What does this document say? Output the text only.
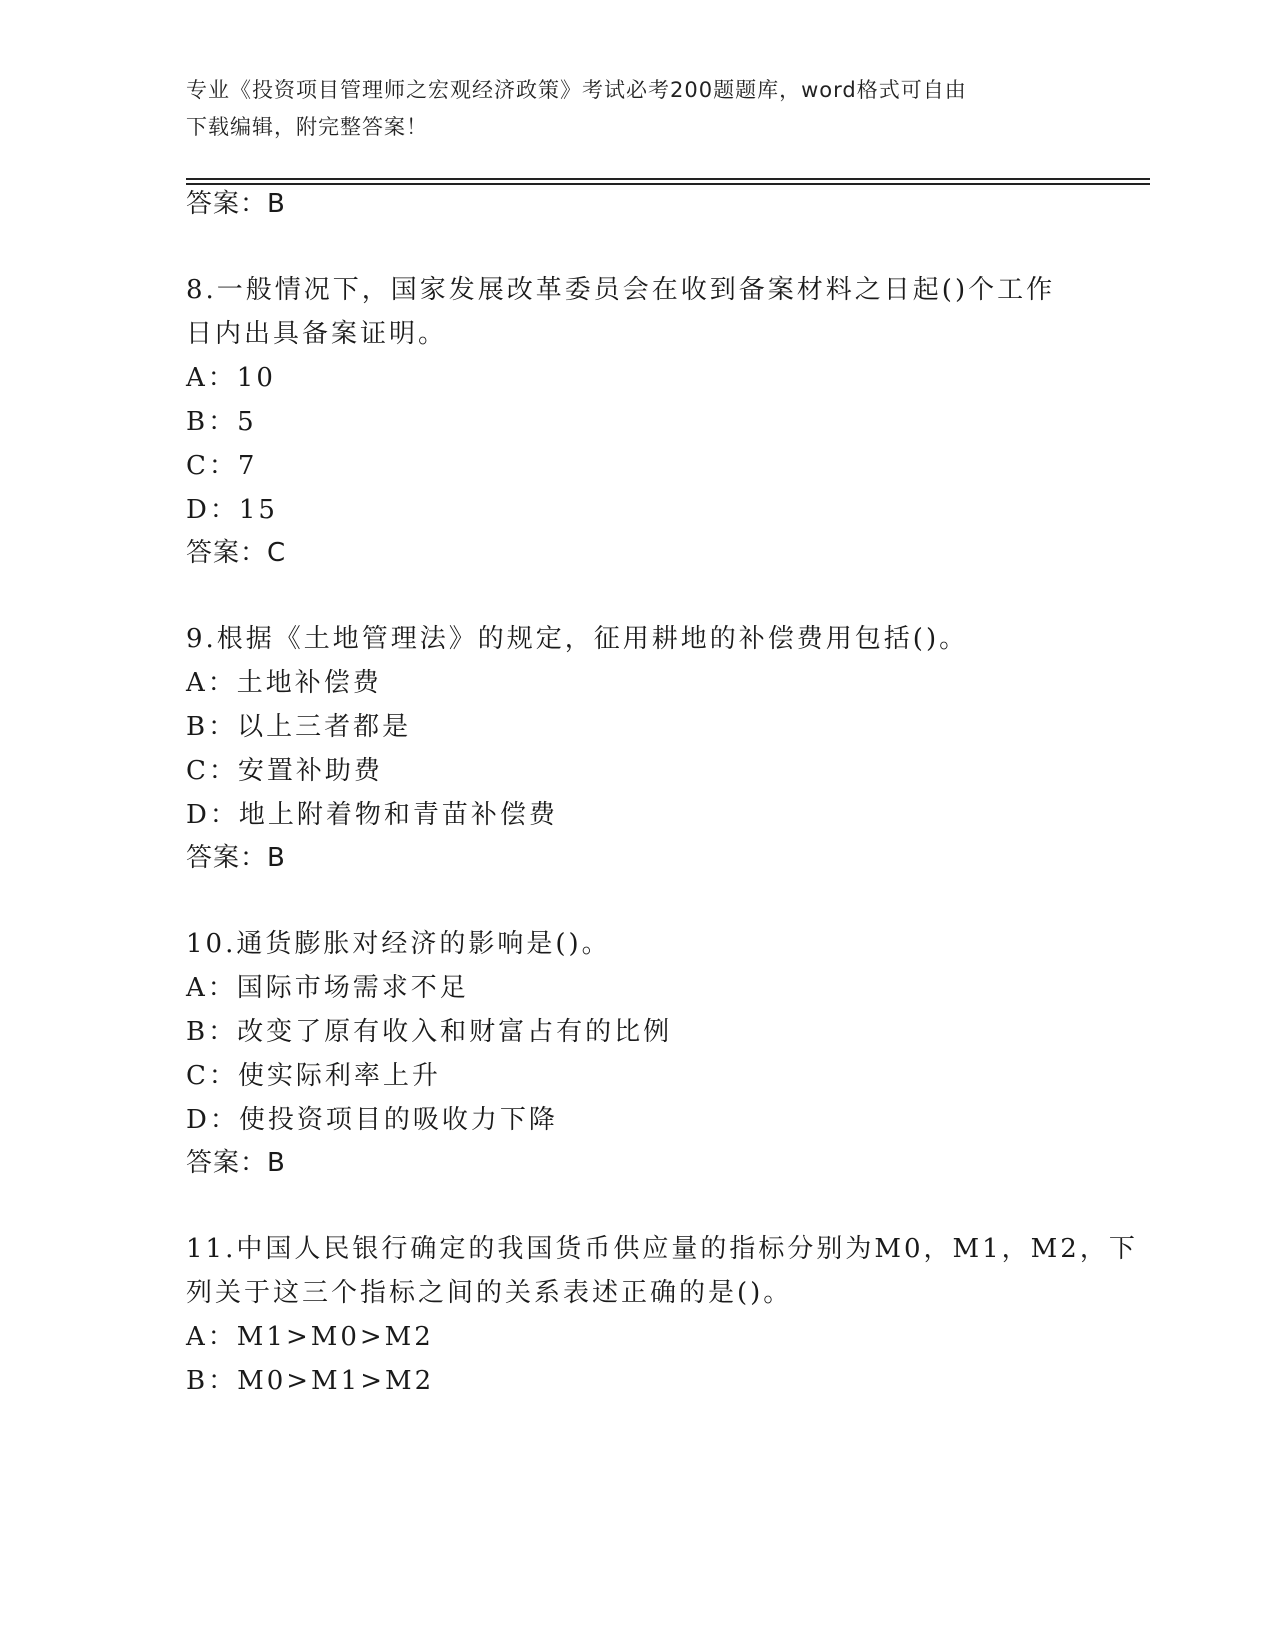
专业《投资项目管理师之宏观经济政策》考试必考200题题库，word格式可自由
下载编辑，附完整答案！
答案：B
8.一般情况下，国家发展改革委员会在收到备案材料之日起()个工作
日内出具备案证明。
A：10
B：5
C：7
D：15
答案：C
9.根据《土地管理法》的规定，征用耕地的补偿费用包括()。
A：土地补偿费
B：以上三者都是
C：安置补助费
D：地上附着物和青苗补偿费
答案：B
10.通货膨胀对经济的影响是()。
A：国际市场需求不足
B：改变了原有收入和财富占有的比例
C：使实际利率上升
D：使投资项目的吸收力下降
答案：B
11.中国人民银行确定的我国货币供应量的指标分别为M0，M1，M2，下
列关于这三个指标之间的关系表述正确的是()。
A：M1>M0>M2
B：M0>M1>M2
